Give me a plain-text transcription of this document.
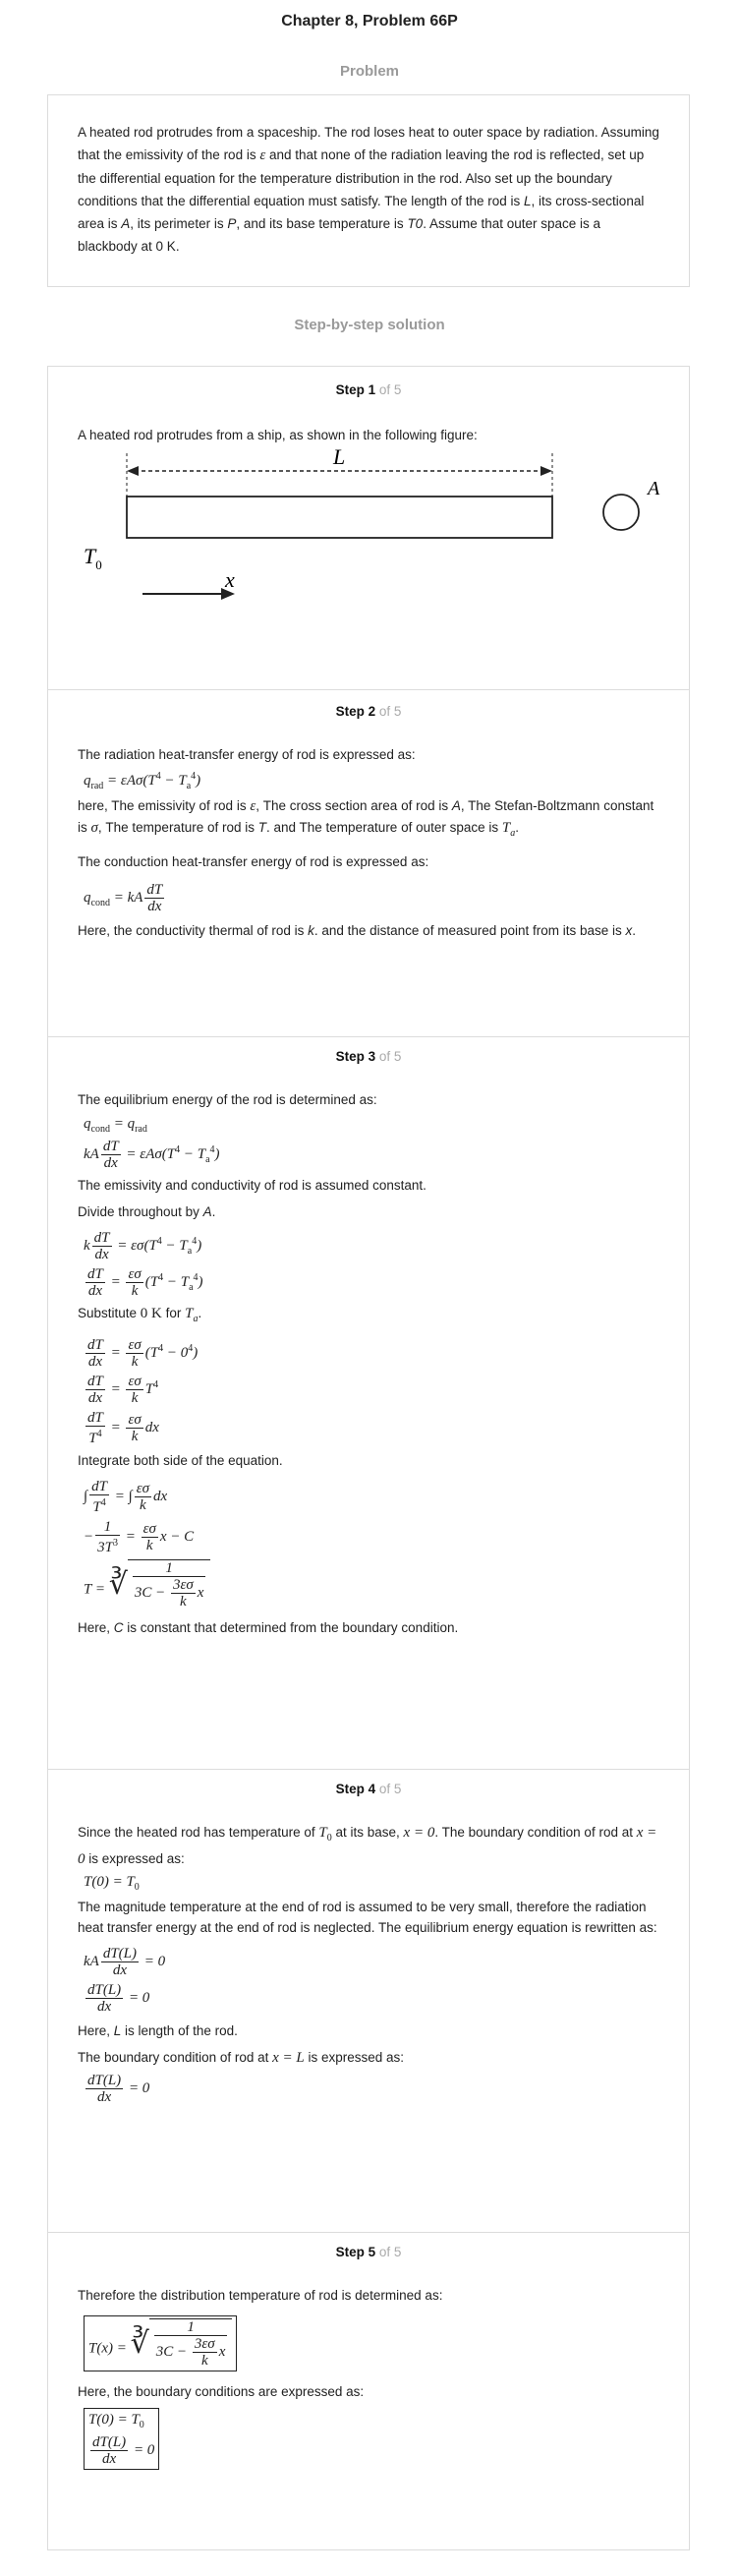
Chapter 8, Problem 66P
Problem

A heated rod protrudes from a spaceship. The rod loses heat to outer space by radiation. Assuming that the emissivity of the rod is ε and that none of the radiation leaving the rod is reflected, set up the differential equation for the temperature distribution in the rod. Also set up the boundary conditions that the differential equation must satisfy. The length of the rod is L, its cross-sectional area is A, its perimeter is P, and its base temperature is T0. Assume that outer space is a blackbody at 0 K.

Step-by-step solution
Step 1 of 5

A heated rod protrudes from a ship, as shown in the following figure:

L
A
$T_0$
x
Step 2 of 5

The radiation heat-transfer energy of rod is expressed as:

$q_{rad} = \varepsilon A\sigma(T^4 - T_a^4)$

here, The emissivity of rod is ε, The cross section area of rod is A, The Stefan-Boltzmann constant is σ, The temperature of rod is T. and The temperature of outer space is $T_a$.

The conduction heat-transfer energy of rod is expressed as:

$q_{cond}$ = kA $\frac{dT}{dx}$

Here, the conductivity thermal of rod is k. and the distance of measured point from its base is x.

Step 3 of 5

The equilibrium energy of the rod is determined as:

$q_{cond} = q_{rad}$
kA $\frac{dT}{dx} = \varepsilon A\sigma(T^4 - T_a^4)$

The emissivity and conductivity of rod is assumed constant.

Divide throughout by A.

k $\frac{dT}{dx} = \varepsilon\sigma(T^4 - T_a^4)$
$\frac{dT}{dx} = \frac{\varepsilon\sigma}{k} (T^4 - T_a^4)$

Substitute 0 K for $T_a$.

$\frac{dT}{dx} = \frac{\varepsilon\sigma}{k} (T^4 - 0^4)$
$\frac{dT}{dx} = \frac{\varepsilon\sigma}{k} T^4$
$\frac{dT}{T^4} = \frac{\varepsilon\sigma}{k}$ dx

Integrate both side of the equation.

∫ $\frac{dT}{T^4}$ = ∫ $\frac{\varepsilon\sigma}{k}$ dx
− $\frac{1}{3T^3} = \frac{\varepsilon\sigma}{k}$ x − C
T = ∛ $\frac{1}{3C - \frac{3\varepsilon\sigma}{k} x}$

Here, C is constant that determined from the boundary condition.

Step 4 of 5

Since the heated rod has temperature of $T_0$ at its base, x = 0. The boundary condition of rod at x = 0 is expressed as:

$T(0) = T_0$

The magnitude temperature at the end of rod is assumed to be very small, therefore the radiation heat transfer energy at the end of rod is neglected. The equilibrium energy equation is rewritten as:

kA $\frac{dT(L)}{dx} = 0$
$\frac{dT(L)}{dx} = 0$

Here, L is length of the rod.

The boundary condition of rod at x = L is expressed as:

$\frac{dT(L)}{dx} = 0$
Step 5 of 5

Therefore the distribution temperature of rod is determined as:

T(x) = ∛ $\frac{1}{3C - \frac{3\varepsilon\sigma}{k} x}$

Here, the boundary conditions are expressed as:

$T(0) = T_0$

$\frac{dT(L)}{dx} = 0$
